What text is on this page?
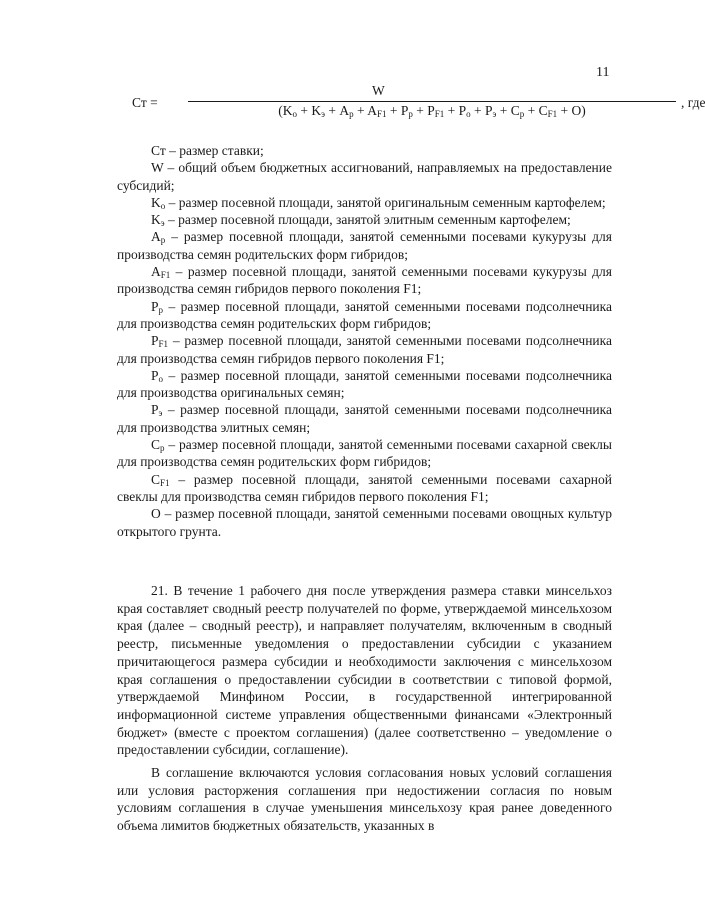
11
Ст =
W
$(K_o + K_э + A_p + A_{F1} + P_p + P_{F1} + P_o + P_э + C_p + C_{F1} + O)$
, где

Ст – размер ставки;

W – общий объем бюджетных ассигнований, направляемых на предоставление субсидий;

$K_o$ – размер посевной площади, занятой оригинальным семенным картофелем;

$K_э$ – размер посевной площади, занятой элитным семенным картофелем;

$A_p$ – размер посевной площади, занятой семенными посевами кукурузы для производства семян родительских форм гибридов;

$A_{F1}$ – размер посевной площади, занятой семенными посевами кукурузы для производства семян гибридов первого поколения F1;

$P_p$ – размер посевной площади, занятой семенными посевами подсолнечника для производства семян родительских форм гибридов;

$P_{F1}$ – размер посевной площади, занятой семенными посевами подсолнечника для производства семян гибридов первого поколения F1;

$P_o$ – размер посевной площади, занятой семенными посевами подсолнечника для производства оригинальных семян;

$P_э$ – размер посевной площади, занятой семенными посевами подсолнечника для производства элитных семян;

$C_p$ – размер посевной площади, занятой семенными посевами сахарной свеклы для производства семян родительских форм гибридов;

$C_{F1}$ – размер посевной площади, занятой семенными посевами сахарной свеклы для производства семян гибридов первого поколения F1;

O – размер посевной площади, занятой семенными посевами овощных культур открытого грунта.

21. В течение 1 рабочего дня после утверждения размера ставки минсельхоз края составляет сводный реестр получателей по форме, утверждаемой минсельхозом края (далее – сводный реестр), и направляет получателям, включенным в сводный реестр, письменные уведомления о предоставлении субсидии с указанием причитающегося размера субсидии и необходимости заключения с минсельхозом края соглашения о предоставлении субсидии в соответствии с типовой формой, утверждаемой Минфином России, в государственной интегрированной информационной системе управления общественными финансами «Электронный бюджет» (вместе с проектом соглашения) (далее соответственно – уведомление о предоставлении субсидии, соглашение).

В соглашение включаются условия согласования новых условий соглашения или условия расторжения соглашения при недостижении согласия по новым условиям соглашения в случае уменьшения минсельхозу края ранее доведенного объема лимитов бюджетных обязательств, указанных в
